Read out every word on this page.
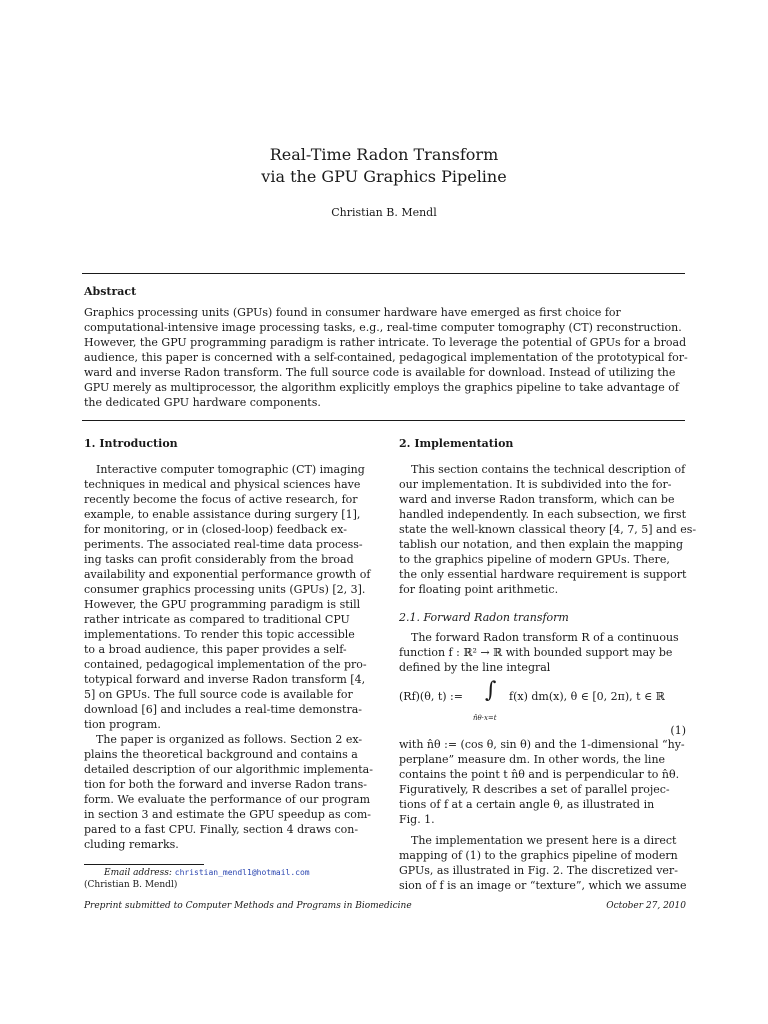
Real-Time Radon Transform
via the GPU Graphics Pipeline
Christian B. Mendl
Abstract
Graphics processing units (GPUs) found in consumer hardware have emerged as first choice for
computational-intensive image processing tasks, e.g., real-time computer tomography (CT) reconstruction.
However, the GPU programming paradigm is rather intricate. To leverage the potential of GPUs for a broad
audience, this paper is concerned with a self-contained, pedagogical implementation of the prototypical for-
ward and inverse Radon transform. The full source code is available for download. Instead of utilizing the
GPU merely as multiprocessor, the algorithm explicitly employs the graphics pipeline to take advantage of
the dedicated GPU hardware components.
1. Introduction
Interactive computer tomographic (CT) imaging
techniques in medical and physical sciences have
recently become the focus of active research, for
example, to enable assistance during surgery [1],
for monitoring, or in (closed-loop) feedback ex-
periments. The associated real-time data process-
ing tasks can profit considerably from the broad
availability and exponential performance growth of
consumer graphics processing units (GPUs) [2, 3].
However, the GPU programming paradigm is still
rather intricate as compared to traditional CPU
implementations. To render this topic accessible
to a broad audience, this paper provides a self-
contained, pedagogical implementation of the pro-
totypical forward and inverse Radon transform [4,
5] on GPUs. The full source code is available for
download [6] and includes a real-time demonstra-
tion program.
The paper is organized as follows. Section 2 ex-
plains the theoretical background and contains a
detailed description of our algorithmic implementa-
tion for both the forward and inverse Radon trans-
form. We evaluate the performance of our program
in section 3 and estimate the GPU speedup as com-
pared to a fast CPU. Finally, section 4 draws con-
cluding remarks.
2. Implementation
This section contains the technical description of
our implementation. It is subdivided into the for-
ward and inverse Radon transform, which can be
handled independently. In each subsection, we first
state the well-known classical theory [4, 7, 5] and es-
tablish our notation, and then explain the mapping
to the graphics pipeline of modern GPUs. There,
the only essential hardware requirement is support
for floating point arithmetic.
2.1. Forward Radon transform
The forward Radon transform R of a continuous
function f : ℝ² → ℝ with bounded support may be
defined by the line integral
(Rf)(θ, t) := ∫
n̂θ·x=t
f(x) dm(x), θ ∈ [0, 2π), t ∈ ℝ
(1)
with n̂θ := (cos θ, sin θ) and the 1-dimensional “hy-
perplane” measure dm. In other words, the line
contains the point t n̂θ and is perpendicular to n̂θ.
Figuratively, R describes a set of parallel projec-
tions of f at a certain angle θ, as illustrated in
Fig. 1.
The implementation we present here is a direct
mapping of (1) to the graphics pipeline of modern
GPUs, as illustrated in Fig. 2. The discretized ver-
sion of f is an image or “texture”, which we assume
Email address: christian_mendl1@hotmail.com
(Christian B. Mendl)
Preprint submitted to Computer Methods and Programs in Biomedicine	October 27, 2010
